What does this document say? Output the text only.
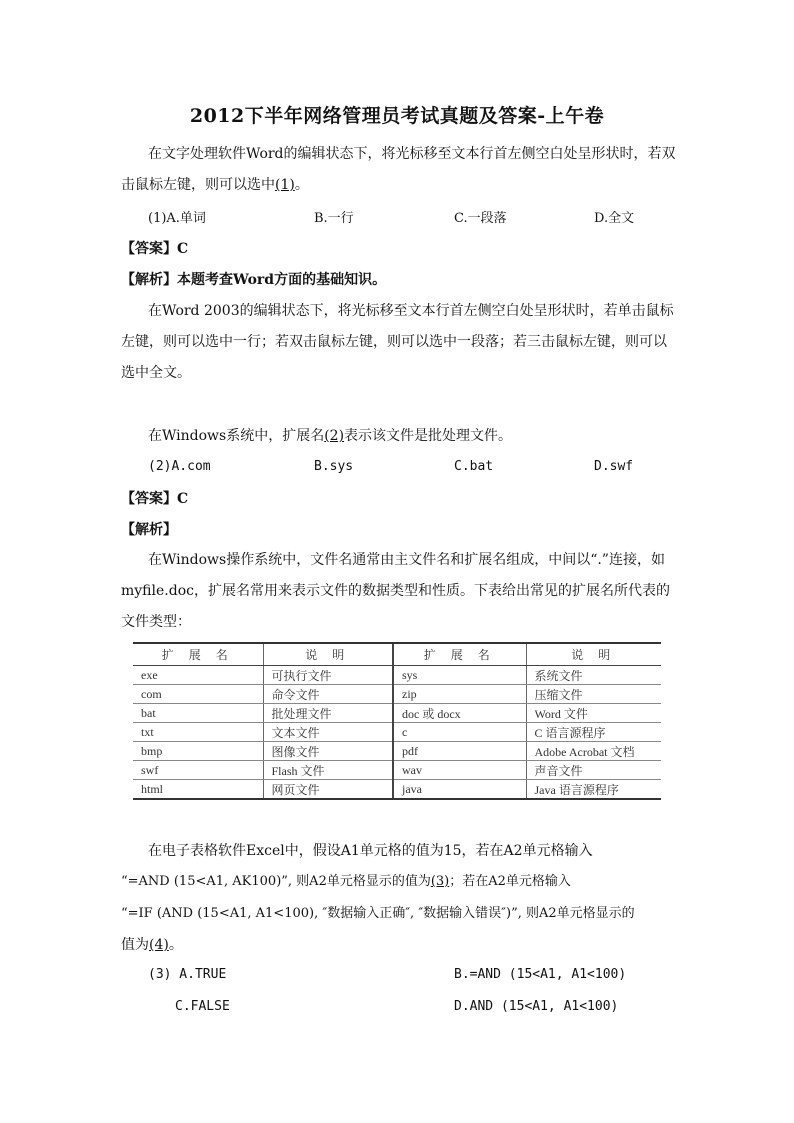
2012下半年网络管理员考试真题及答案-上午卷
在文字处理软件Word的编辑状态下，将光标移至文本行首左侧空白处呈形状时，若双
击鼠标左键，则可以选中(1)。
(1)A.单词	B.一行	C.一段落	D.全文
【答案】C
【解析】本题考查Word方面的基础知识。
在Word 2003的编辑状态下，将光标移至文本行首左侧空白处呈形状时，若单击鼠标
左键，则可以选中一行；若双击鼠标左键，则可以选中一段落；若三击鼠标左键，则可以
选中全文。
在Windows系统中，扩展名(2)表示该文件是批处理文件。
(2)A.com	B.sys	C.bat	D.swf
【答案】C
【解析】
在Windows操作系统中，文件名通常由主文件名和扩展名组成，中间以“.”连接，如
myfile.doc，扩展名常用来表示文件的数据类型和性质。下表给出常见的扩展名所代表的
文件类型：
扩 展 名	说 明	扩 展 名	说 明
exe	可执行文件	sys	系统文件
com	命令文件	zip	压缩文件
bat	批处理文件	doc 或 docx	Word 文件
txt	文本文件	c	C 语言源程序
bmp	图像文件	pdf	Adobe Acrobat 文档
swf	Flash 文件	wav	声音文件
html	网页文件	java	Java 语言源程序
在电子表格软件Excel中，假设A1单元格的值为15，若在A2单元格输入
“=AND (15<A1, AK100)”, 则A2单元格显示的值为(3)；若在A2单元格输入
“=IF (AND (15<A1, A1<100), ″数据输入正确″, ″数据输入错误″)”, 则A2单元格显示的
值为(4)。
(3) A.TRUE	B.=AND (15<A1, A1<100)
C.FALSE	D.AND (15<A1, A1<100)
